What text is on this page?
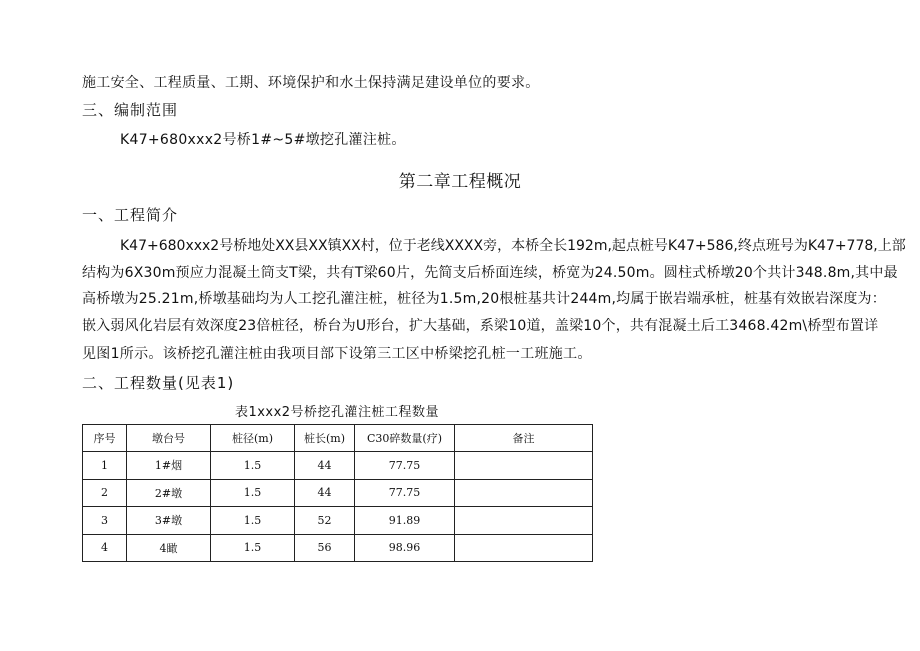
施工安全、工程质量、工期、环境保护和水土保持满足建设单位的要求。
三、编制范围
K47+680xxx2号桥1#~5#墩挖孔灌注桩。
第二章工程概况
一、工程简介
K47+680xxx2号桥地处XX县XX镇XX村，位于老线XXXX旁，本桥全长192m,起点桩号K47+586,终点班号为K47+778,上部
结构为6X30m预应力混凝土筒支T梁，共有T梁60片，先简支后桥面连续，桥宽为24.50m。圆柱式桥墩20个共计348.8m,其中最
高桥墩为25.21m,桥墩基础均为人工挖孔灌注桩，桩径为1.5m,20根桩基共计244m,均属于嵌岩端承桩，桩基有效嵌岩深度为：
嵌入弱风化岩层有效深度23倍桩径，桥台为U形台，扩大基础，系梁10道，盖梁10个，共有混凝土后工3468.42m\桥型布置详
见图1所示。该桥挖孔灌注桩由我项目部下设第三工区中桥梁挖孔桩一工班施工。
二、工程数量(见表1)
表1xxx2号桥挖孔灌注桩工程数量
序号	墩台号	桩径(m)	桩长(m)	C30碎数量(疗)	备注
1	1#烟	1.5	44	77.75	
2	2#墩	1.5	44	77.75	
3	3#墩	1.5	52	91.89	
4	4瞰	1.5	56	98.96	
